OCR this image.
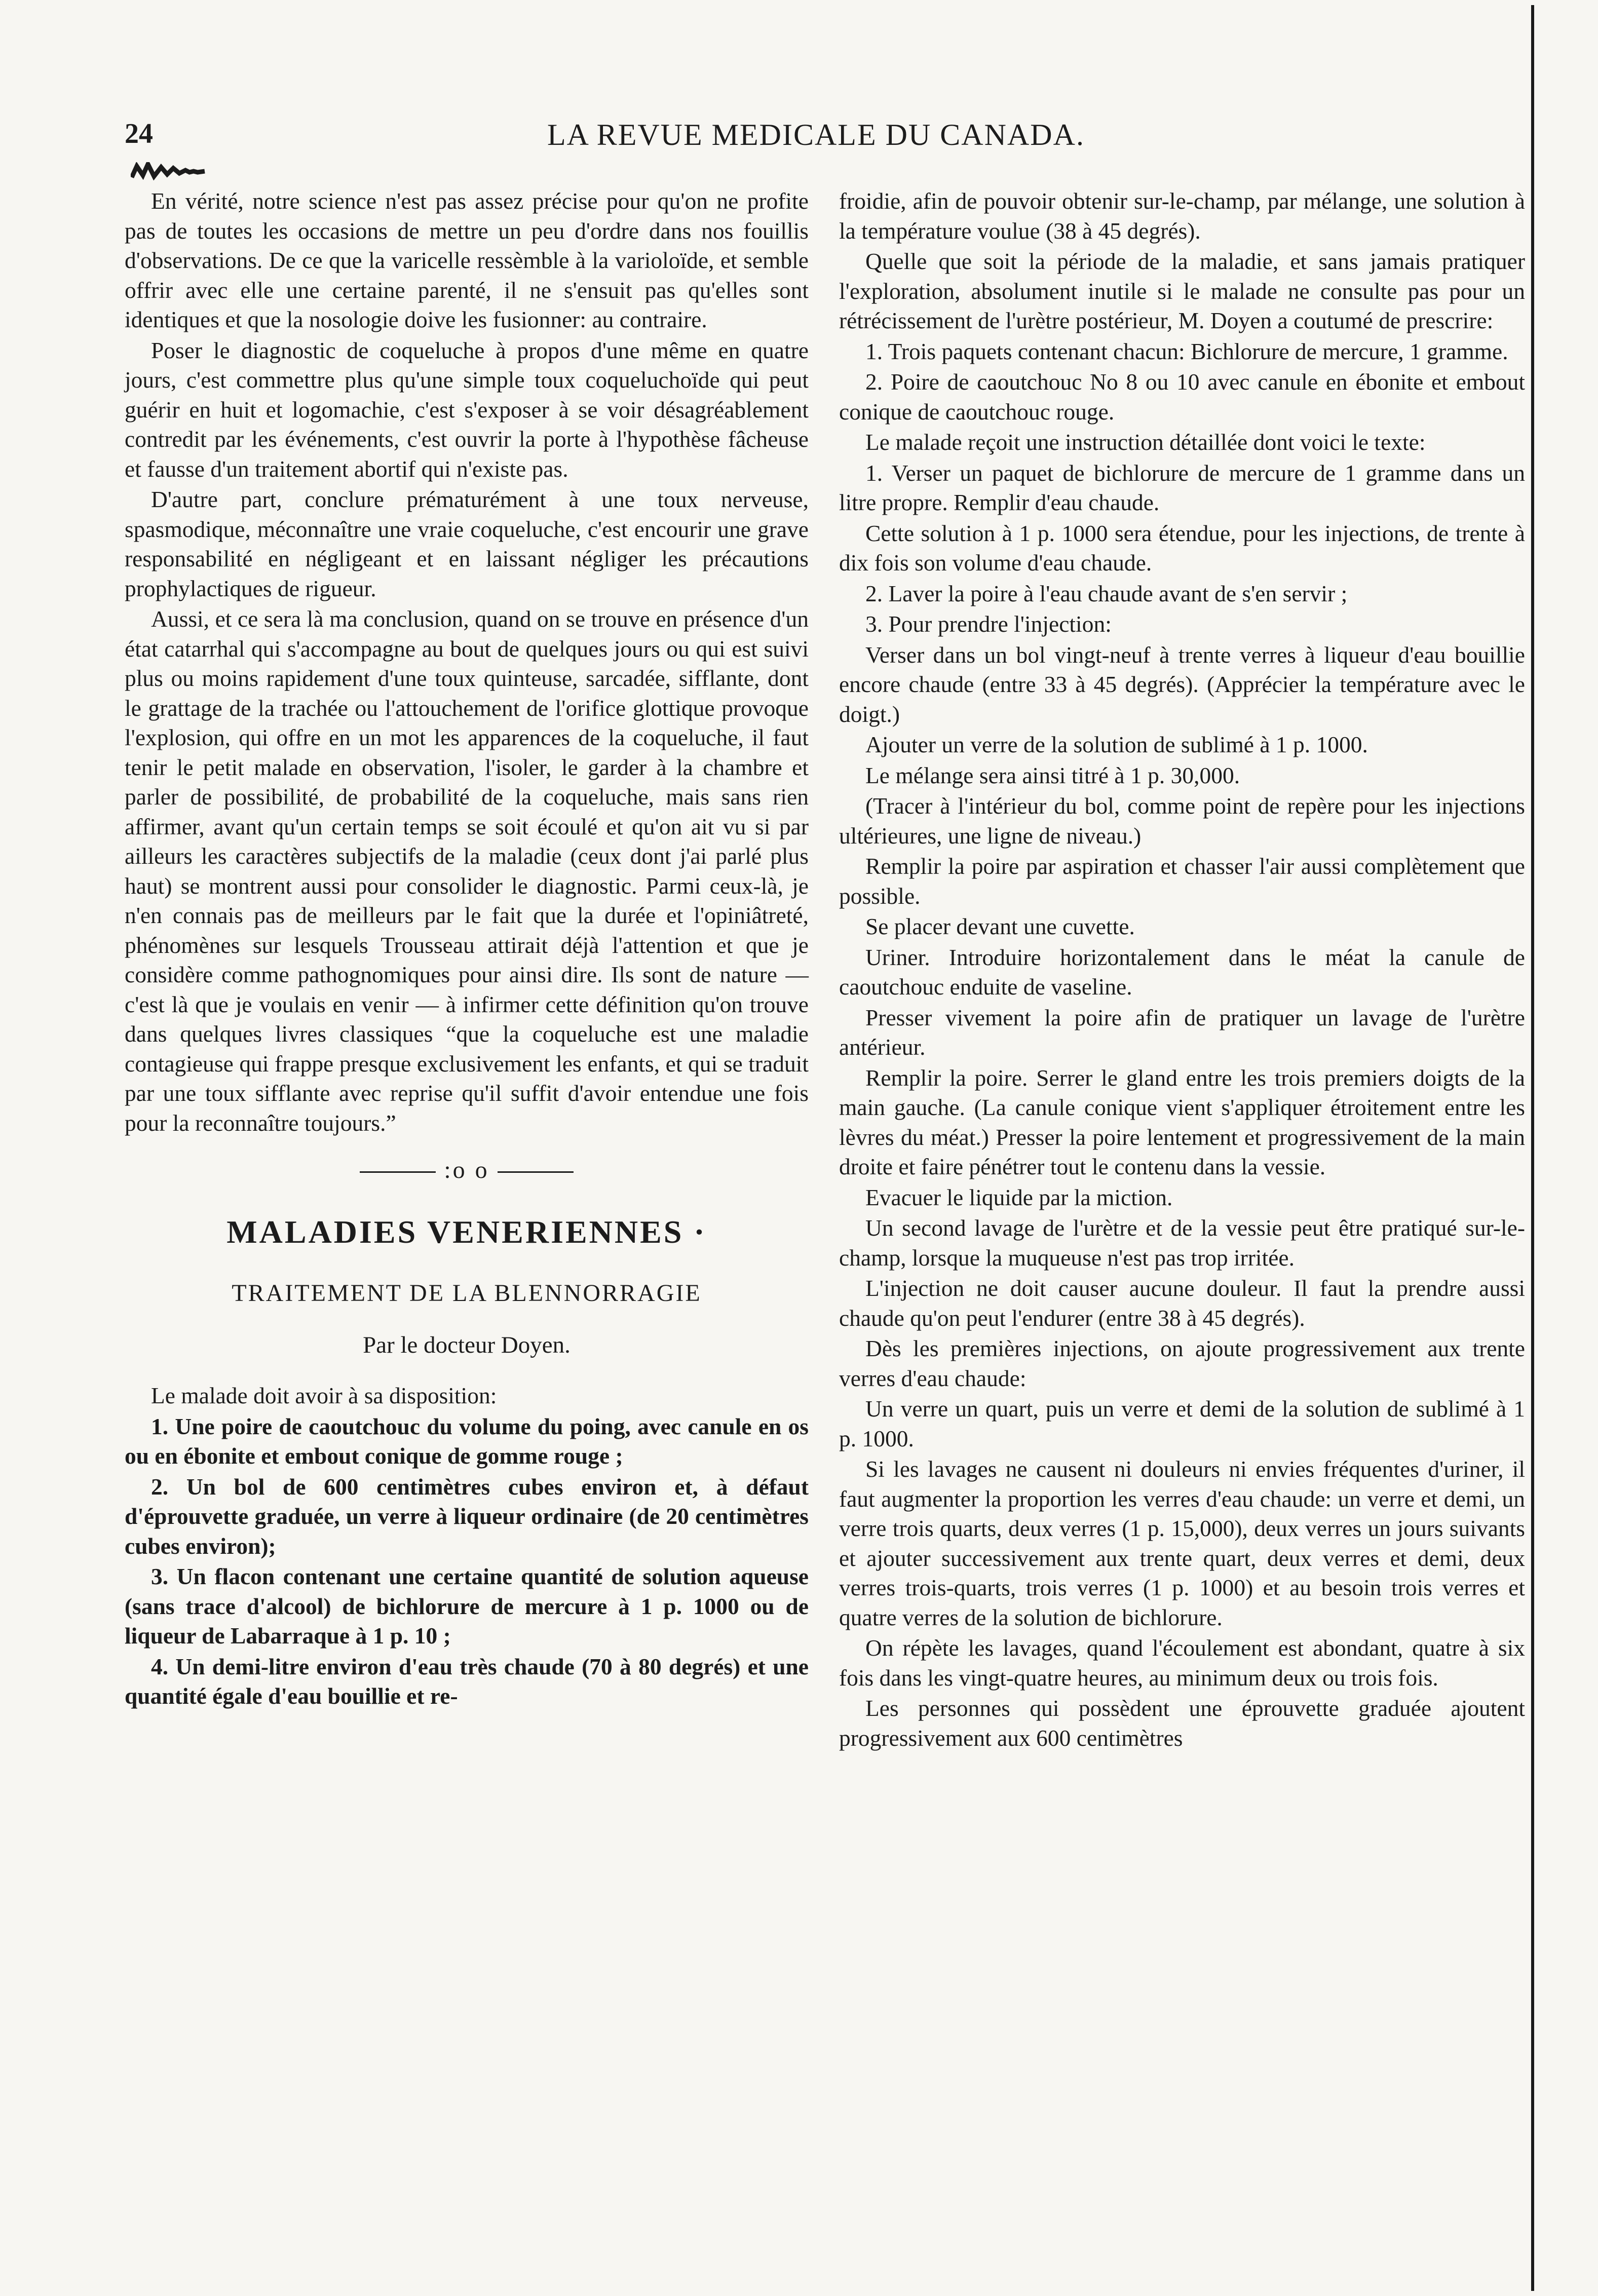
24	LA REVUE MEDICALE DU CANADA.

En vérité, notre science n'est pas assez précise pour qu'on ne profite pas de toutes les occasions de mettre un peu d'ordre dans nos fouillis d'observations. De ce que la varicelle ressèmble à la varioloïde, et semble offrir avec elle une certaine parenté, il ne s'ensuit pas qu'elles sont identiques et que la nosologie doive les fusionner: au contraire.

Poser le diagnostic de coqueluche à propos d'une même en quatre jours, c'est commettre plus qu'une simple toux coqueluchoïde qui peut guérir en huit et logomachie, c'est s'exposer à se voir désagréablement contredit par les événements, c'est ouvrir la porte à l'hypothèse fâcheuse et fausse d'un traitement abortif qui n'existe pas.

D'autre part, conclure prématurément à une toux nerveuse, spasmodique, méconnaître une vraie coqueluche, c'est encourir une grave responsabilité en négligeant et en laissant négliger les précautions prophylactiques de rigueur.

Aussi, et ce sera là ma conclusion, quand on se trouve en présence d'un état catarrhal qui s'accompagne au bout de quelques jours ou qui est suivi plus ou moins rapidement d'une toux quinteuse, sarcadée, sifflante, dont le grattage de la trachée ou l'attouchement de l'orifice glottique provoque l'explosion, qui offre en un mot les apparences de la coqueluche, il faut tenir le petit malade en observation, l'isoler, le garder à la chambre et parler de possibilité, de probabilité de la coqueluche, mais sans rien affirmer, avant qu'un certain temps se soit écoulé et qu'on ait vu si par ailleurs les caractères subjectifs de la maladie (ceux dont j'ai parlé plus haut) se montrent aussi pour consolider le diagnostic. Parmi ceux-là, je n'en connais pas de meilleurs par le fait que la durée et l'opiniâtreté, phénomènes sur lesquels Trousseau attirait déjà l'attention et que je considère comme pathognomiques pour ainsi dire. Ils sont de nature — c'est là que je voulais en venir — à infirmer cette définition qu'on trouve dans quelques livres classiques “que la coqueluche est une maladie contagieuse qui frappe presque exclusivement les enfants, et qui se traduit par une toux sifflante avec reprise qu'il suffit d'avoir entendue une fois pour la reconnaître toujours.”

:o o
MALADIES VENERIENNES ·
TRAITEMENT DE LA BLENNORRAGIE
Par le docteur Doyen.

Le malade doit avoir à sa disposition:

1. Une poire de caoutchouc du volume du poing, avec canule en os ou en ébonite et embout conique de gomme rouge ;

2. Un bol de 600 centimètres cubes environ et, à défaut d'éprouvette graduée, un verre à liqueur ordinaire (de 20 centimètres cubes environ);

3. Un flacon contenant une certaine quantité de solution aqueuse (sans trace d'alcool) de bichlorure de mercure à 1 p. 1000 ou de liqueur de Labarraque à 1 p. 10 ;

4. Un demi-litre environ d'eau très chaude (70 à 80 degrés) et une quantité égale d'eau bouillie et re-

froidie, afin de pouvoir obtenir sur-le-champ, par mélange, une solution à la température voulue (38 à 45 degrés).

Quelle que soit la période de la maladie, et sans jamais pratiquer l'exploration, absolument inutile si le malade ne consulte pas pour un rétrécissement de l'urètre postérieur, M. Doyen a coutumé de prescrire:

1. Trois paquets contenant chacun: Bichlorure de mercure, 1 gramme.

2. Poire de caoutchouc No 8 ou 10 avec canule en ébonite et embout conique de caoutchouc rouge.

Le malade reçoit une instruction détaillée dont voici le texte:

1. Verser un paquet de bichlorure de mercure de 1 gramme dans un litre propre. Remplir d'eau chaude.

Cette solution à 1 p. 1000 sera étendue, pour les injections, de trente à dix fois son volume d'eau chaude.

2. Laver la poire à l'eau chaude avant de s'en servir ;

3. Pour prendre l'injection:

Verser dans un bol vingt-neuf à trente verres à liqueur d'eau bouillie encore chaude (entre 33 à 45 degrés). (Apprécier la température avec le doigt.)

Ajouter un verre de la solution de sublimé à 1 p. 1000.

Le mélange sera ainsi titré à 1 p. 30,000.

(Tracer à l'intérieur du bol, comme point de repère pour les injections ultérieures, une ligne de niveau.)

Remplir la poire par aspiration et chasser l'air aussi complètement que possible.

Se placer devant une cuvette.

Uriner. Introduire horizontalement dans le méat la canule de caoutchouc enduite de vaseline.

Presser vivement la poire afin de pratiquer un lavage de l'urètre antérieur.

Remplir la poire. Serrer le gland entre les trois premiers doigts de la main gauche. (La canule conique vient s'appliquer étroitement entre les lèvres du méat.) Presser la poire lentement et progressivement de la main droite et faire pénétrer tout le contenu dans la vessie.

Evacuer le liquide par la miction.

Un second lavage de l'urètre et de la vessie peut être pratiqué sur-le-champ, lorsque la muqueuse n'est pas trop irritée.

L'injection ne doit causer aucune douleur. Il faut la prendre aussi chaude qu'on peut l'endurer (entre 38 à 45 degrés).

Dès les premières injections, on ajoute progressivement aux trente verres d'eau chaude:

Un verre un quart, puis un verre et demi de la solution de sublimé à 1 p. 1000.

Si les lavages ne causent ni douleurs ni envies fréquentes d'uriner, il faut augmenter la proportion les verres d'eau chaude: un verre et demi, un verre trois quarts, deux verres (1 p. 15,000), deux verres un jours suivants et ajouter successivement aux trente quart, deux verres et demi, deux verres trois-quarts, trois verres (1 p. 1000) et au besoin trois verres et quatre verres de la solution de bichlorure.

On répète les lavages, quand l'écoulement est abondant, quatre à six fois dans les vingt-quatre heures, au minimum deux ou trois fois.

Les personnes qui possèdent une éprouvette graduée ajoutent progressivement aux 600 centimètres
